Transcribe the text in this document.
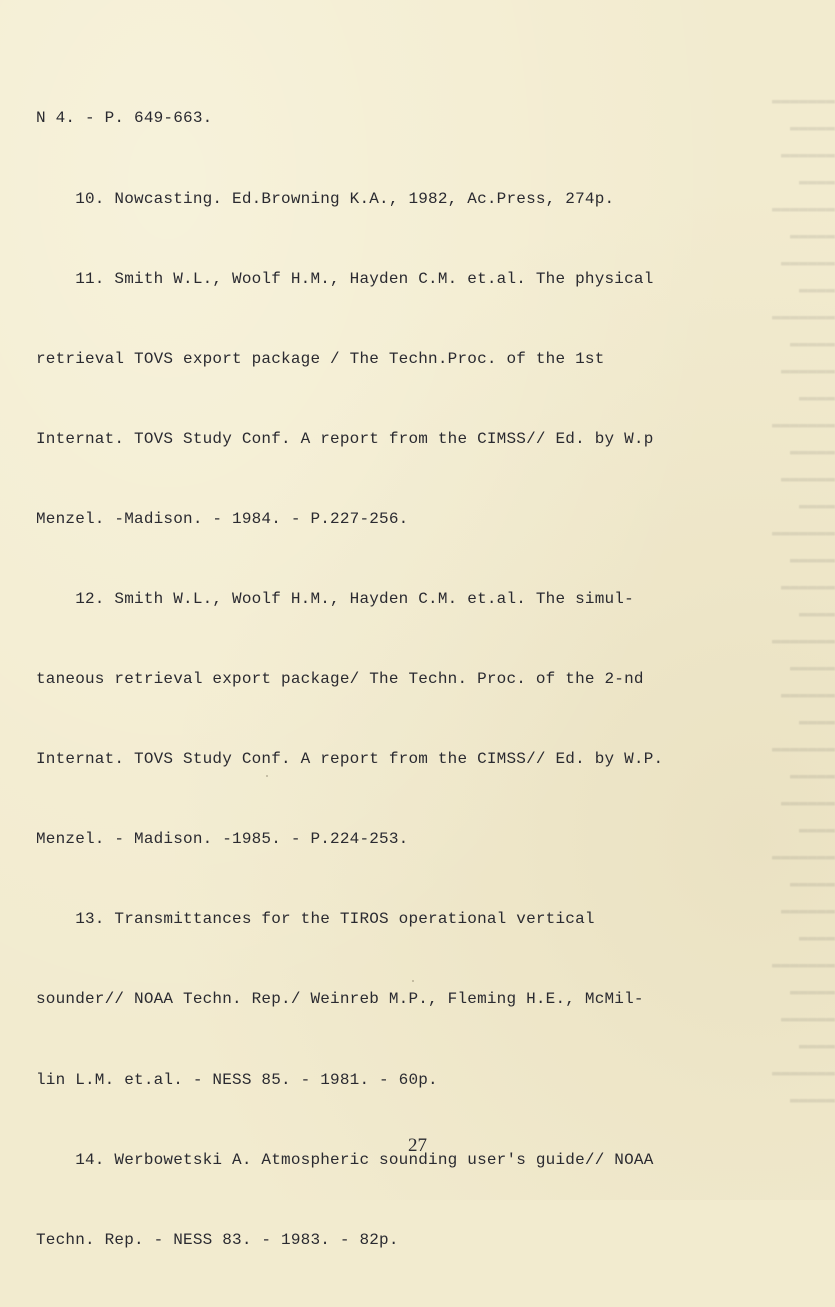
▬▬▬▬▬▬▬
▬▬▬▬▬
▬▬▬▬▬▬
▬▬▬▬
▬▬▬▬▬▬▬
▬▬▬▬▬
▬▬▬▬▬▬
▬▬▬▬
▬▬▬▬▬▬▬
▬▬▬▬▬
▬▬▬▬▬▬
▬▬▬▬
▬▬▬▬▬▬▬
▬▬▬▬▬
▬▬▬▬▬▬
▬▬▬▬
▬▬▬▬▬▬▬
▬▬▬▬▬
▬▬▬▬▬▬
▬▬▬▬
▬▬▬▬▬▬▬
▬▬▬▬▬
▬▬▬▬▬▬
▬▬▬▬
▬▬▬▬▬▬▬
▬▬▬▬▬
▬▬▬▬▬▬
▬▬▬▬
▬▬▬▬▬▬▬
▬▬▬▬▬
▬▬▬▬▬▬
▬▬▬▬
▬▬▬▬▬▬▬
▬▬▬▬▬
▬▬▬▬▬▬
▬▬▬▬
▬▬▬▬▬▬▬
▬▬▬▬▬

N 4. - P. 649-663.

10. Nowcasting. Ed.Browning K.A., 1982, Ac.Press, 274p.

11. Smith W.L., Woolf H.M., Hayden C.M. et.al. The physical

retrieval TOVS export package / The Techn.Proc. of the 1st

Internat. TOVS Study Conf. A report from the CIMSS// Ed. by W.p

Menzel. -Madison. - 1984. - P.227-256.

12. Smith W.L., Woolf H.M., Hayden C.M. et.al. The simul-

taneous retrieval export package/ The Techn. Proc. of the 2-nd

Internat. TOVS Study Conf. A report from the CIMSS// Ed. by W.P.

Menzel. - Madison. -1985. - P.224-253.

13. Transmittances for the TIROS operational vertical

sounder// NOAA Techn. Rep./ Weinreb M.P., Fleming H.E., McMil-

lin L.M. et.al. - NESS 85. - 1981. - 60p.

14. Werbowetski A. Atmospheric sounding user's guide// NOAA

Techn. Rep. - NESS 83. - 1983. - 82p.

27
